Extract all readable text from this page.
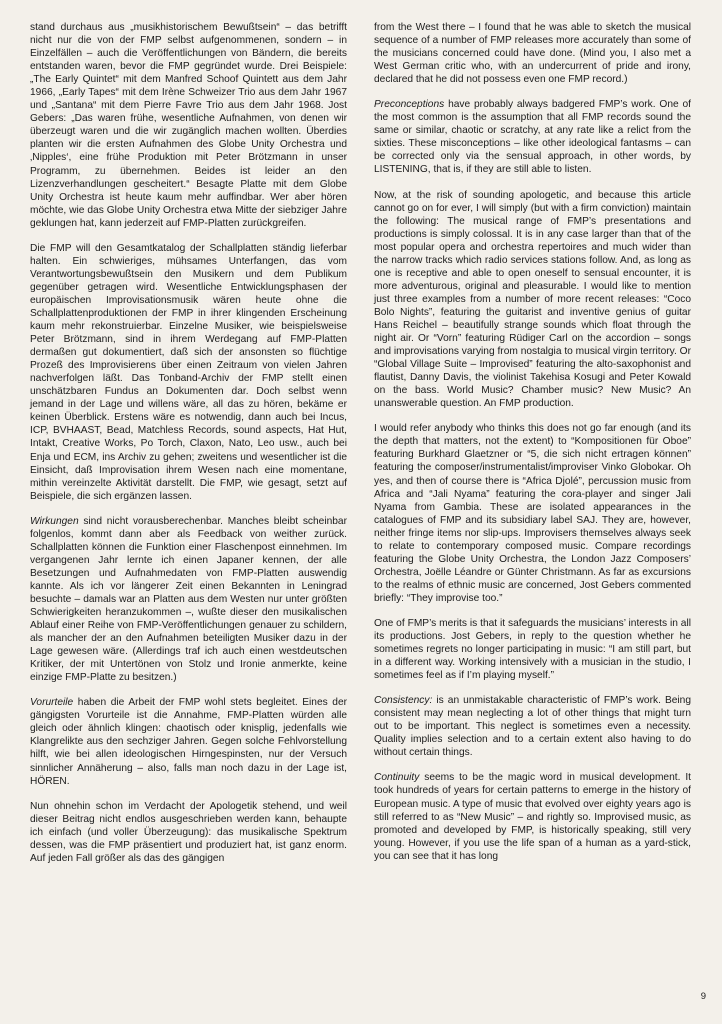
stand durchaus aus „musikhistorischem Bewußtsein“ – das betrifft nicht nur die von der FMP selbst aufgenommenen, sondern – in Einzelfällen – auch die Veröffentlichungen von Bändern, die bereits entstanden waren, bevor die FMP gegründet wurde. Drei Beispiele: „The Early Quintet“ mit dem Manfred Schoof Quintett aus dem Jahr 1966, „Early Tapes“ mit dem Irène Schweizer Trio aus dem Jahr 1967 und „Santana“ mit dem Pierre Favre Trio aus dem Jahr 1968. Jost Gebers: „Das waren frühe, wesentliche Aufnahmen, von denen wir überzeugt waren und die wir zugänglich machen wollten. Überdies planten wir die ersten Aufnahmen des Globe Unity Orchestra und ‚Nipples‘, eine frühe Produktion mit Peter Brötzmann in unser Programm, zu übernehmen. Beides ist leider an den Lizenzverhandlungen gescheitert.“ Besagte Platte mit dem Globe Unity Orchestra ist heute kaum mehr auffindbar. Wer aber hören möchte, wie das Globe Unity Orchestra etwa Mitte der siebziger Jahre geklungen hat, kann jederzeit auf FMP-Platten zurückgreifen.

Die FMP will den Gesamtkatalog der Schallplatten ständig lieferbar halten. Ein schwieriges, mühsames Unterfangen, das vom Verantwortungsbewußtsein den Musikern und dem Publikum gegenüber getragen wird. Wesentliche Entwicklungsphasen der europäischen Improvisationsmusik wären heute ohne die Schallplattenproduktionen der FMP in ihrer klingenden Erscheinung kaum mehr rekonstruierbar. Einzelne Musiker, wie beispielsweise Peter Brötzmann, sind in ihrem Werdegang auf FMP-Platten dermaßen gut dokumentiert, daß sich der ansonsten so flüchtige Prozeß des Improvisierens über einen Zeitraum von vielen Jahren nachverfolgen läßt. Das Tonband-Archiv der FMP stellt einen unschätzbaren Fundus an Dokumenten dar. Doch selbst wenn jemand in der Lage und willens wäre, all das zu hören, bekäme er keinen Überblick. Erstens wäre es notwendig, dann auch bei Incus, ICP, BVHAAST, Bead, Matchless Records, sound aspects, Hat Hut, Intakt, Creative Works, Po Torch, Claxon, Nato, Leo usw., auch bei Enja und ECM, ins Archiv zu gehen; zweitens und wesentlicher ist die Einsicht, daß Improvisation ihrem Wesen nach eine momentane, mithin vereinzelte Aktivität darstellt. Die FMP, wie gesagt, setzt auf Beispiele, die sich ergänzen lassen.

Wirkungen sind nicht vorausberechenbar. Manches bleibt scheinbar folgenlos, kommt dann aber als Feedback von weither zurück. Schallplatten können die Funktion einer Flaschenpost einnehmen. Im vergangenen Jahr lernte ich einen Japaner kennen, der alle Besetzungen und Aufnahmedaten von FMP-Platten auswendig kannte. Als ich vor längerer Zeit einen Bekannten in Leningrad besuchte – damals war an Platten aus dem Westen nur unter größten Schwierigkeiten heranzukommen –, wußte dieser den musikalischen Ablauf einer Reihe von FMP-Veröffentlichungen genauer zu schildern, als mancher der an den Aufnahmen beteiligten Musiker dazu in der Lage gewesen wäre. (Allerdings traf ich auch einen westdeutschen Kritiker, der mit Untertönen von Stolz und Ironie anmerkte, keine einzige FMP-Platte zu besitzen.)

Vorurteile haben die Arbeit der FMP wohl stets begleitet. Eines der gängigsten Vorurteile ist die Annahme, FMP-Platten würden alle gleich oder ähnlich klingen: chaotisch oder knisplig, jedenfalls wie Klangrelikte aus den sechziger Jahren. Gegen solche Fehlvorstellung hilft, wie bei allen ideologischen Hirngespinsten, nur der Versuch sinnlicher Annäherung – also, falls man noch dazu in der Lage ist, HÖREN.

Nun ohnehin schon im Verdacht der Apologetik stehend, und weil dieser Beitrag nicht endlos ausgeschrieben werden kann, behaupte ich einfach (und voller Überzeugung): das musikalische Spektrum dessen, was die FMP präsentiert und produziert hat, ist ganz enorm. Auf jeden Fall größer als das des gängigen

from the West there – I found that he was able to sketch the musical sequence of a number of FMP releases more accurately than some of the musicians concerned could have done. (Mind you, I also met a West German critic who, with an undercurrent of pride and irony, declared that he did not possess even one FMP record.)

Preconceptions have probably always badgered FMP’s work. One of the most common is the assumption that all FMP records sound the same or similar, chaotic or scratchy, at any rate like a relict from the sixties. These misconceptions – like other ideological fantasms – can be corrected only via the sensual approach, in other words, by LISTENING, that is, if they are still able to listen.

Now, at the risk of sounding apologetic, and because this article cannot go on for ever, I will simply (but with a firm conviction) maintain the following: The musical range of FMP’s presentations and productions is simply colossal. It is in any case larger than that of the most popular opera and orchestra repertoires and much wider than the narrow tracks which radio services stations follow. And, as long as one is receptive and able to open oneself to sensual encounter, it is more adventurous, original and pleasurable. I would like to mention just three examples from a number of more recent releases: “Coco Bolo Nights”, featuring the guitarist and inventive genius of guitar Hans Reichel – beautifully strange sounds which float through the night air. Or “Vorn” featuring Rüdiger Carl on the accordion – songs and improvisations varying from nostalgia to musical virgin territory. Or “Global Village Suite – Improvised” featuring the alto-saxophonist and flautist, Danny Davis, the violinist Takehisa Kosugi and Peter Kowald on the bass. World Music? Chamber music? New Music? An unanswerable question. An FMP production.

I would refer anybody who thinks this does not go far enough (and its the depth that matters, not the extent) to “Kompositionen für Oboe” featuring Burkhard Glaetzner or “5, die sich nicht ertragen können” featuring the composer/instrumentalist/improviser Vinko Globokar. Oh yes, and then of course there is “Africa Djolé”, percussion music from Africa and “Jali Nyama” featuring the cora-player and singer Jali Nyama from Gambia. These are isolated appearances in the catalogues of FMP and its subsidiary label SAJ. They are, however, neither fringe items nor slip-ups. Improvisers themselves always seek to relate to contemporary composed music. Compare recordings featuring the Globe Unity Orchestra, the London Jazz Composers’ Orchestra, Joëlle Léandre or Günter Christmann. As far as excursions to the realms of ethnic music are concerned, Jost Gebers commented briefly: “They improvise too.”

One of FMP’s merits is that it safeguards the musicians’ interests in all its productions. Jost Gebers, in reply to the question whether he sometimes regrets no longer participating in music: “I am still part, but in a different way. Working intensively with a musician in the studio, I sometimes feel as if I’m playing myself.”

Consistency: is an unmistakable characteristic of FMP’s work. Being consistent may mean neglecting a lot of other things that might turn out to be important. This neglect is sometimes even a necessity. Quality implies selection and to a certain extent also having to do without certain things.

Continuity seems to be the magic word in musical development. It took hundreds of years for certain patterns to emerge in the history of European music. A type of music that evolved over eighty years ago is still referred to as “New Music” – and rightly so. Improvised music, as promoted and developed by FMP, is historically speaking, still very young. However, if you use the life span of a human as a yard-stick, you can see that it has long

9
